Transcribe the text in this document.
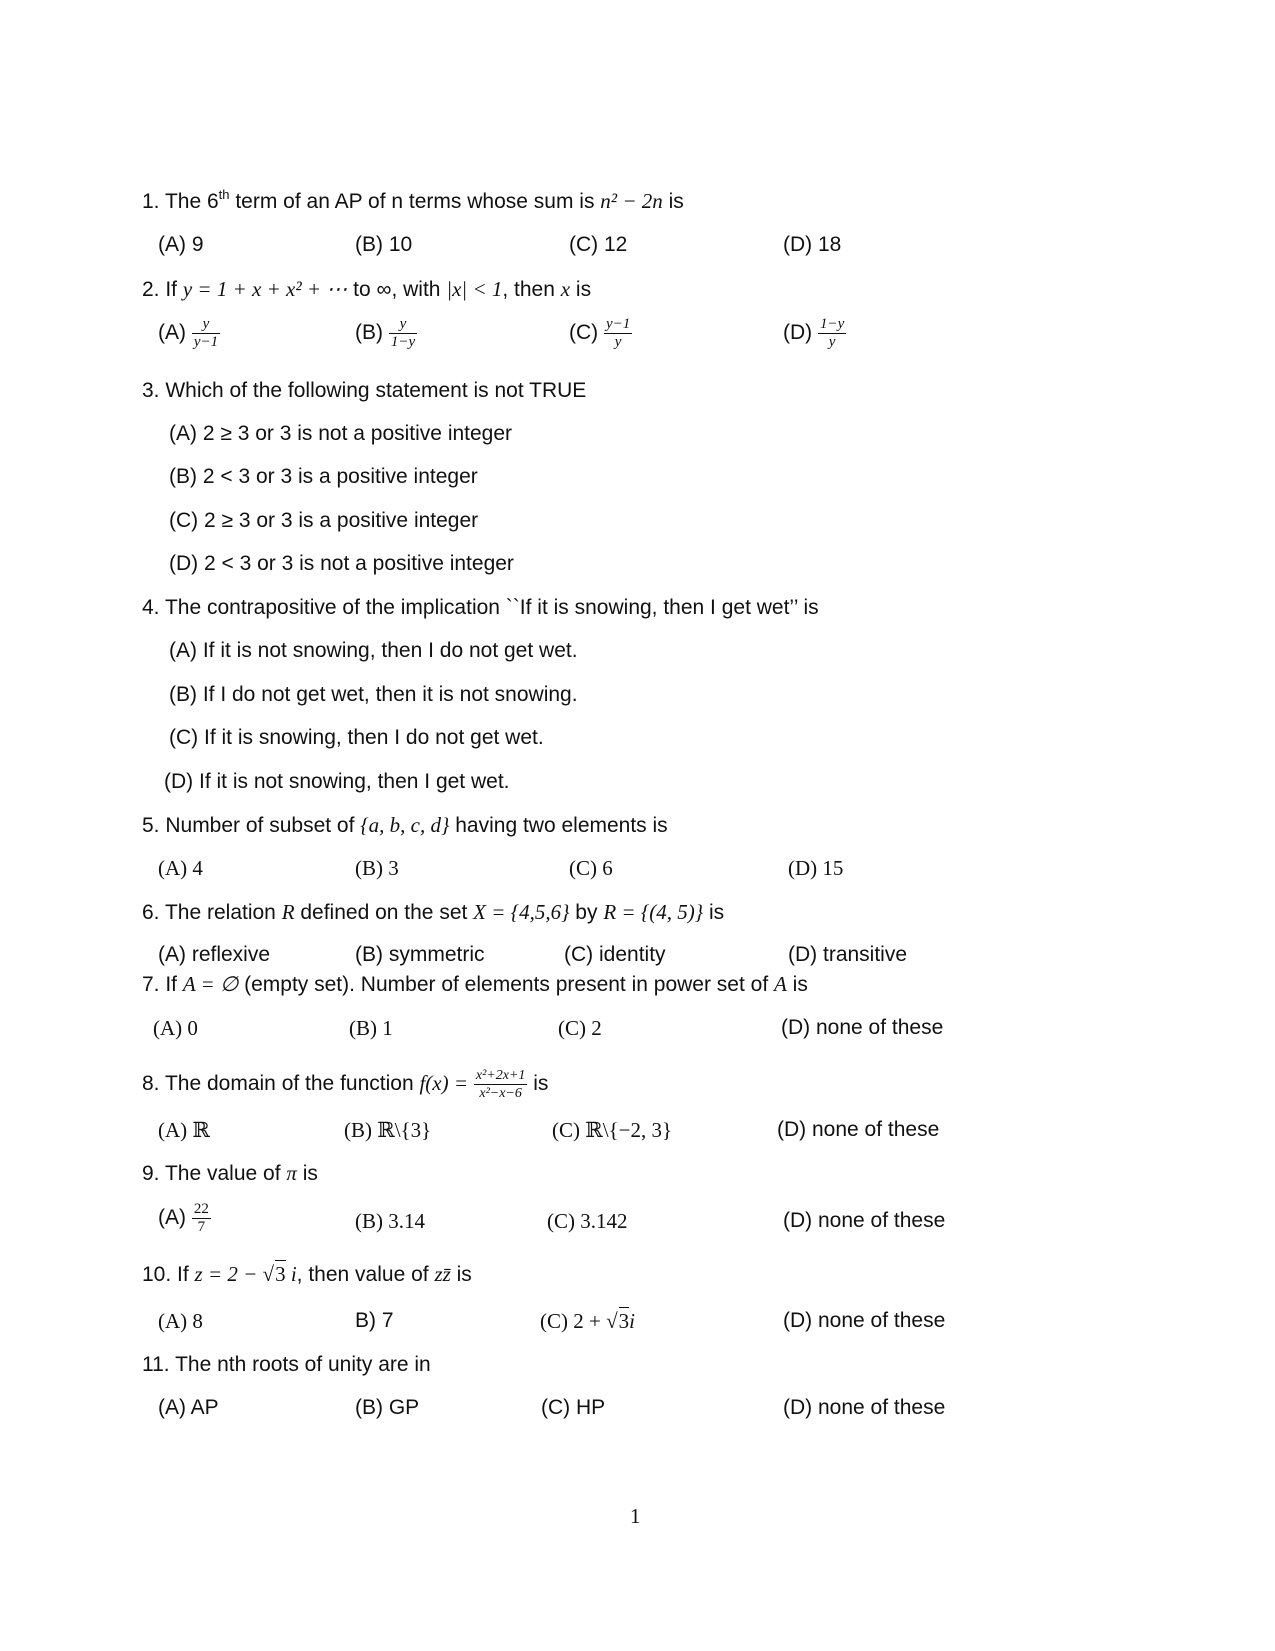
1. The 6th term of an AP of n terms whose sum is n² − 2n is
(A) 9	(B) 10	(C) 12	(D) 18
2. If y = 1 + x + x² + ⋯ to ∞, with |x| < 1, then x is
$(A) \frac{y}{y-1}$	$(B) \frac{y}{1-y}$	$(C) \frac{y-1}{y}$	$(D) \frac{1-y}{y}$
3. Which of the following statement is not TRUE
(A) 2 ≥ 3 or 3 is not a positive integer
(B) 2 < 3 or 3 is a positive integer
(C) 2 ≥ 3 or 3 is a positive integer
(D) 2 < 3 or 3 is not a positive integer
4. The contrapositive of the implication ``If it is snowing, then I get wet’’ is
(A) If it is not snowing, then I do not get wet.
(B) If I do not get wet, then it is not snowing.
(C) If it is snowing, then I do not get wet.
(D) If it is not snowing, then I get wet.
5. Number of subset of {a, b, c, d} having two elements is
(A) 4	(B) 3	(C) 6	(D) 15
6. The relation R defined on the set X = {4,5,6} by R = {(4, 5)} is
(A) reflexive	(B) symmetric	(C) identity	(D) transitive
7. If A = ∅ (empty set). Number of elements present in power set of A is
(A) 0	(B) 1	(C) 2	(D) none of these
8. The domain of the function $f(x) = \frac{\text{x²+2x+1}}{\text{x²−x−6}}$ is
(A) ℝ	(B) ℝ\{3}	(C) ℝ\{−2, 3}	(D) none of these
9. The value of π is
$(A) \frac{22}{7}$	(B) 3.14	(C) 3.142	(D) none of these
10. If z = 2 − √3 i, then value of zz̄ is
(A) 8	B) 7	(C) 2 + √3i	(D) none of these
11. The nth roots of unity are in
(A) AP	(B) GP	(C) HP	(D) none of these
1
